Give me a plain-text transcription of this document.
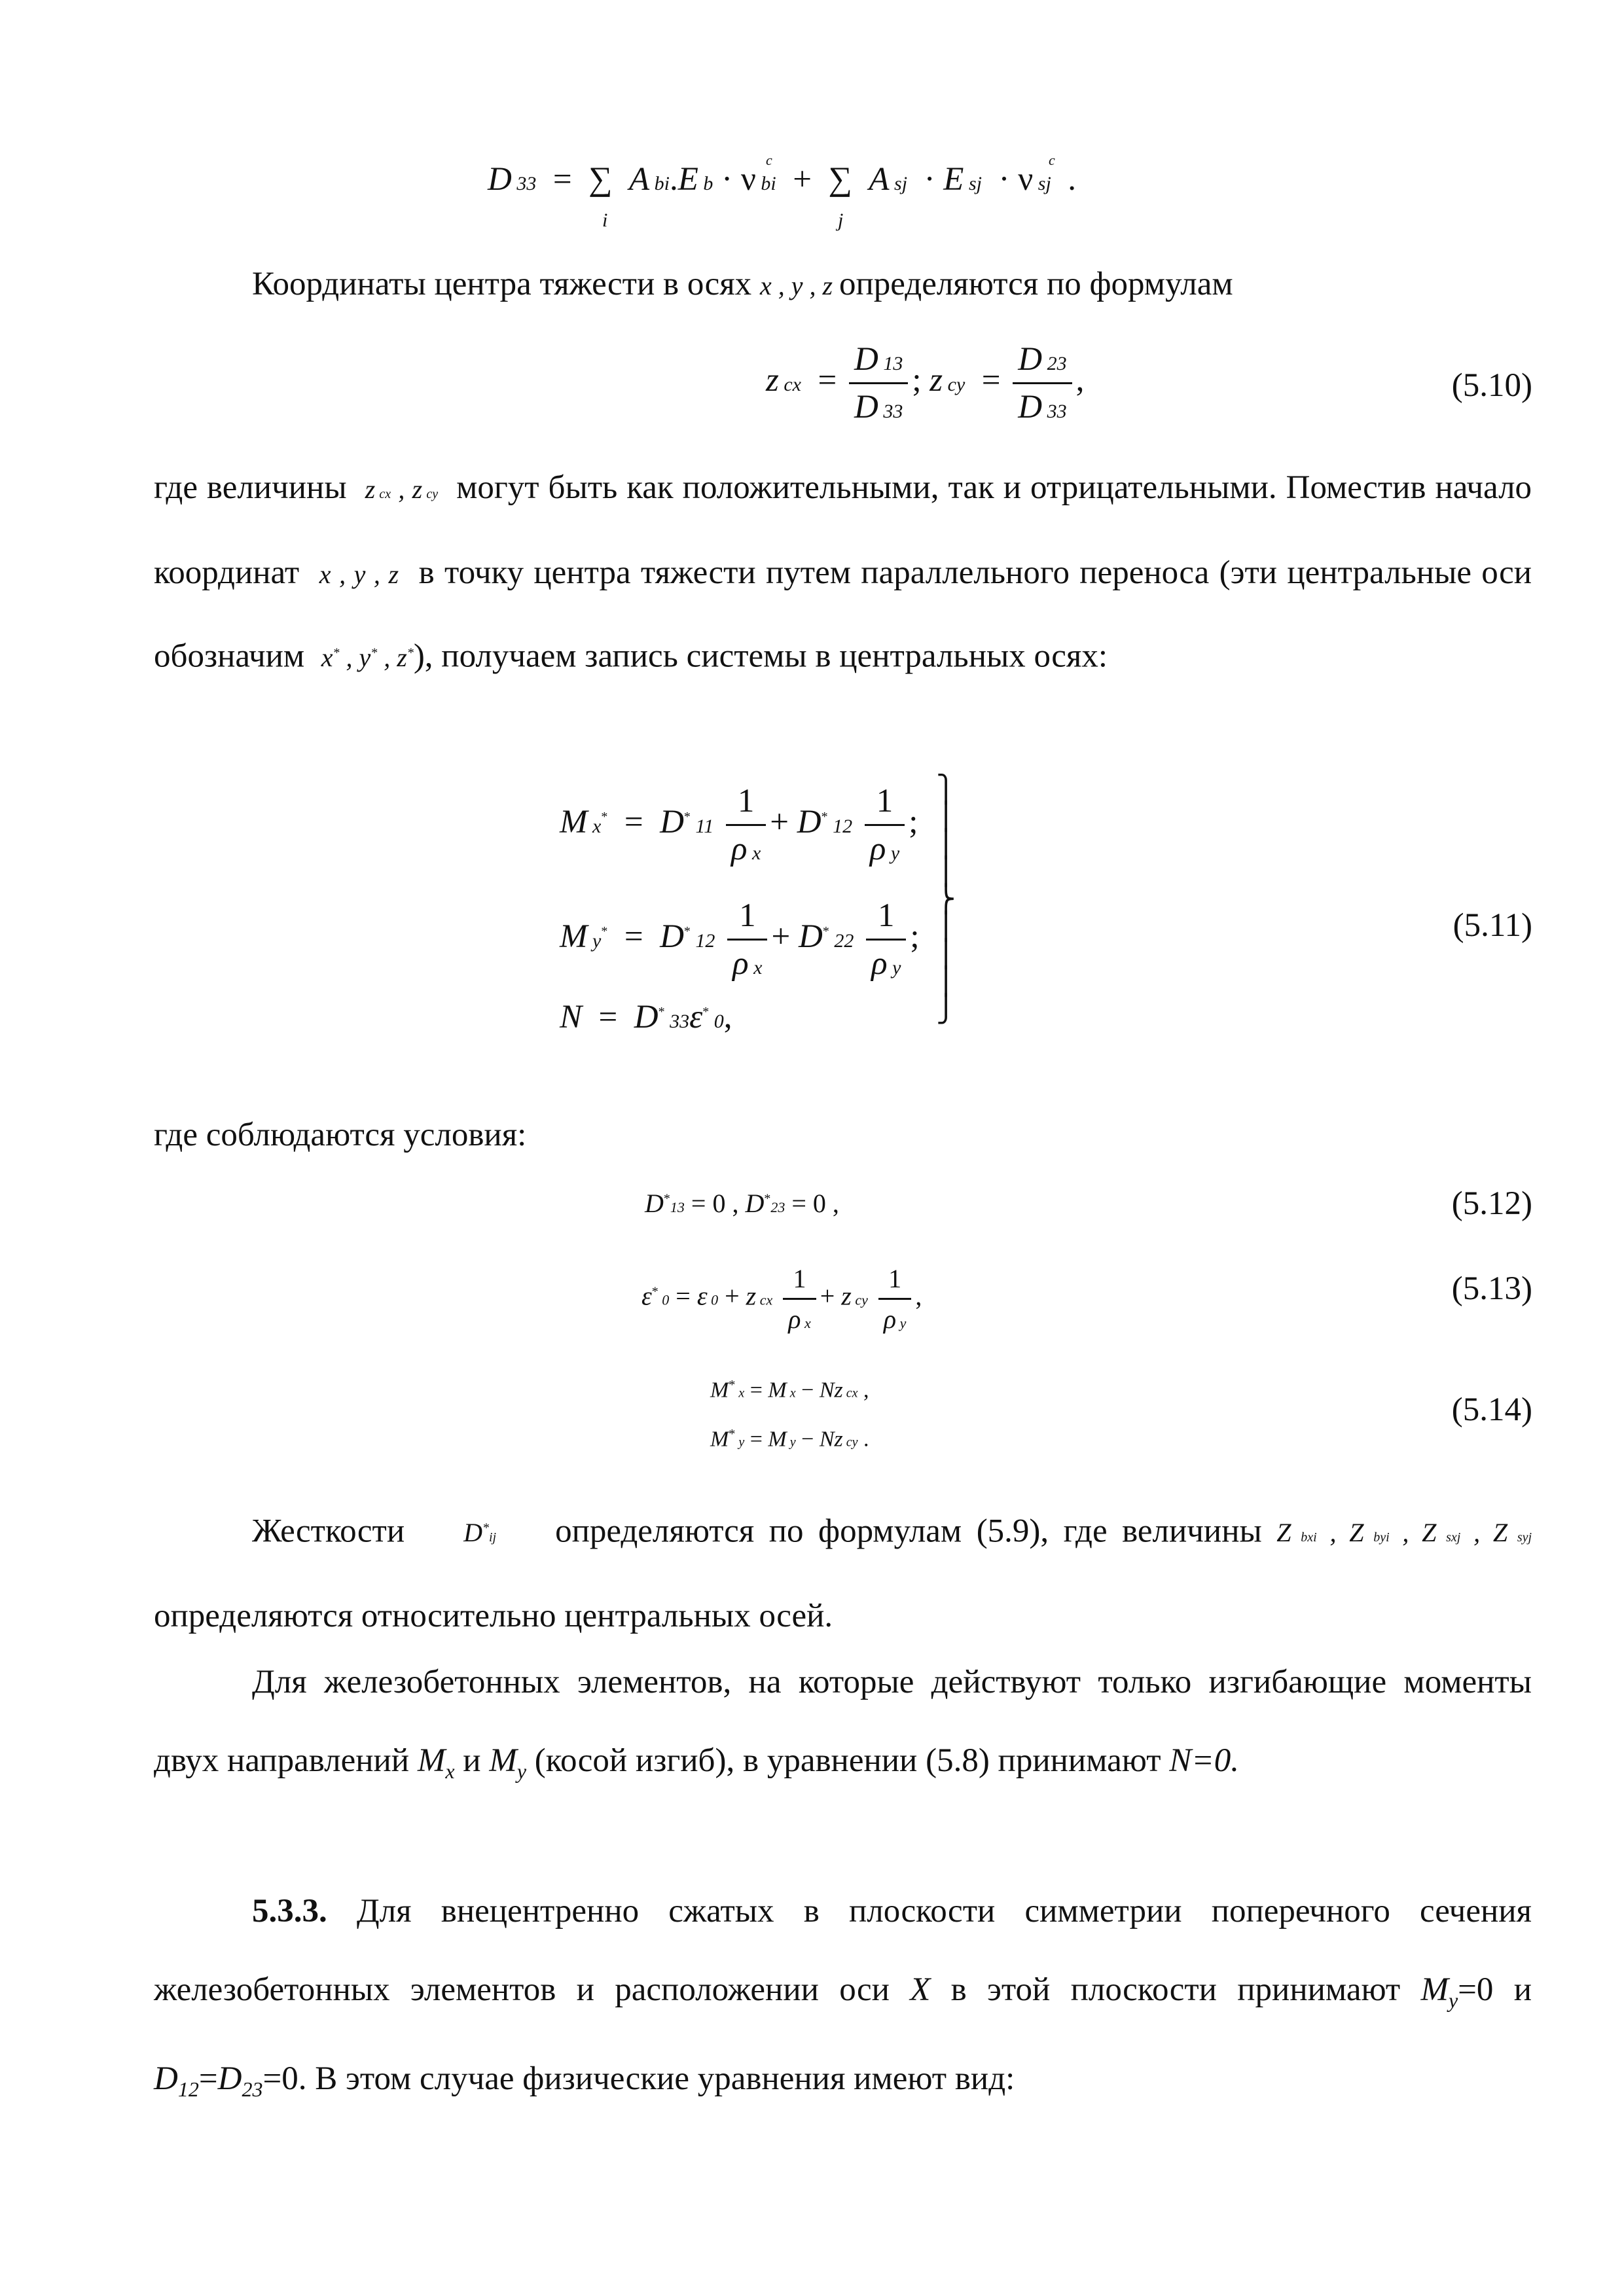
D 33  =  ∑  A bi.E b · ν bi  +  ∑  A sj  · E sj  · ν sj  .
i	j
c	c
Координаты центра тяжести в осях x , y , z определяются по формулам
z cx  = $\frac{D 13}{D 33}$ ; z cy  = $\frac{D 23}{D 33}$ ,	(5.10)
где величины z cx , z cy могут быть как положительными, так и отрицательными. Поместив начало координат x , y , z в точку центра тяжести путем параллельного переноса (эти центральные оси обозначим x* , y* , z*), получаем запись системы в центральных осях:
M x*  =  D* $11 \frac{1}{\text{ρ x}} + D^*$ $12 \frac{1}{\text{ρ y}}$ ;
M y*  =  D* $12 \frac{1}{\text{ρ x}} + D^*$ $22 \frac{1}{\text{ρ y}}$ ;
N  =  D* 33ε* 0,
⎫
⎪
⎪
⎪
⎬
⎪
⎪
⎪
⎭
(5.11)
где соблюдаются условия:
D*13 = 0 , D*23 = 0 ,	(5.12)
ε* 0 = ε 0 + z cx $\frac{1}{\text{ρ x}} + z$ cy $\frac{1}{\text{ρ y}}$ ,	(5.13)
M* x = M x − Nz cx ,
M* y = M y − Nz cy .
(5.14)
Жесткости D*ij определяются по формулам (5.9), где величины Z bxi , Z byi , Z sxj , Z syj определяются относительно центральных осей.
Для железобетонных элементов, на которые действуют только изгибающие моменты двух направлений $M_x$ и $M_y$ (косой изгиб), в уравнении (5.8) принимают N=0.
5.3.3. Для внецентренно сжатых в плоскости симметрии поперечного сечения железобетонных элементов и расположении оси X в этой плоскости принимают $M_y=0$ и $D_{12}=D_{23}=0$. В этом случае физические уравнения имеют вид:
